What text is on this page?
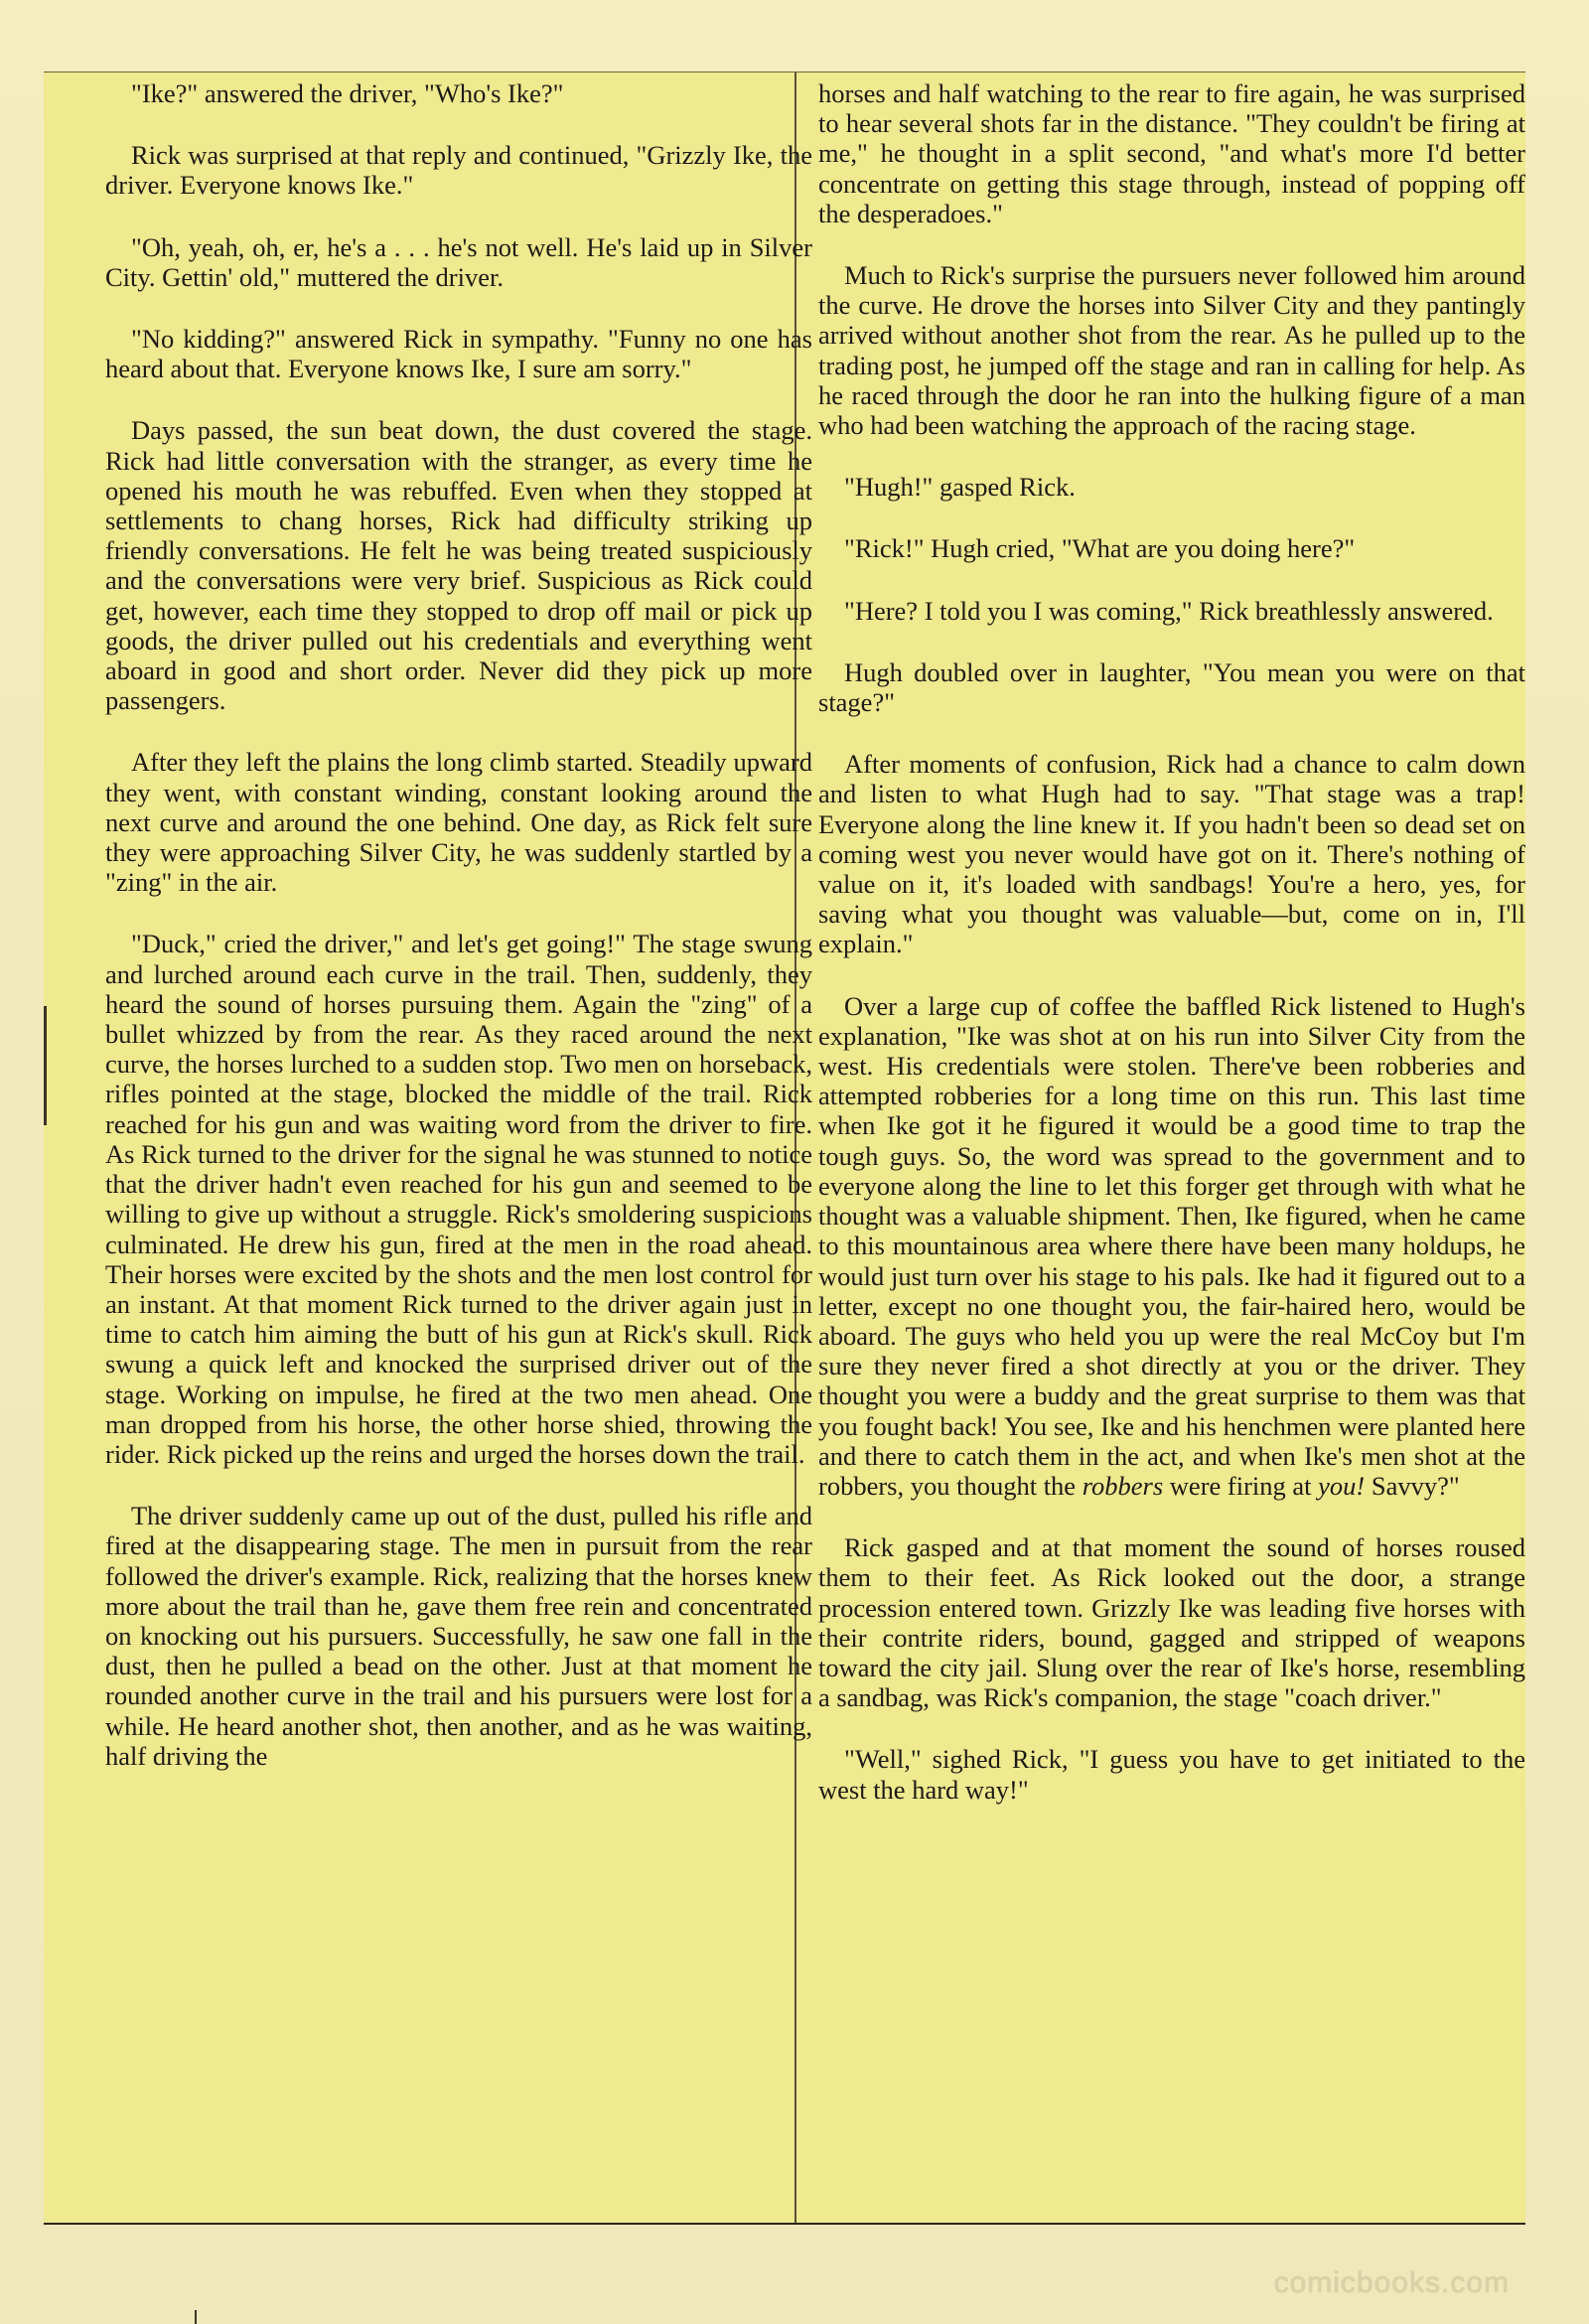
"Ike?" answered the driver, "Who's Ike?"

Rick was surprised at that reply and continued, "Grizzly Ike, the driver. Everyone knows Ike."

"Oh, yeah, oh, er, he's a . . . he's not well. He's laid up in Silver City. Gettin' old," muttered the driver.

"No kidding?" answered Rick in sympathy. "Funny no one has heard about that. Everyone knows Ike, I sure am sorry."

Days passed, the sun beat down, the dust covered the stage. Rick had little conversation with the stranger, as every time he opened his mouth he was rebuffed. Even when they stopped at settlements to chang horses, Rick had difficulty striking up friendly conversations. He felt he was being treated suspiciously and the conversations were very brief. Suspicious as Rick could get, however, each time they stopped to drop off mail or pick up goods, the driver pulled out his credentials and everything went aboard in good and short order. Never did they pick up more passengers.

After they left the plains the long climb started. Steadily upward they went, with constant winding, constant looking around the next curve and around the one behind. One day, as Rick felt sure they were approaching Silver City, he was suddenly startled by a "zing" in the air.

"Duck," cried the driver," and let's get going!" The stage swung and lurched around each curve in the trail. Then, suddenly, they heard the sound of horses pursuing them. Again the "zing" of a bullet whizzed by from the rear. As they raced around the next curve, the horses lurched to a sudden stop. Two men on horseback, rifles pointed at the stage, blocked the middle of the trail. Rick reached for his gun and was waiting word from the driver to fire. As Rick turned to the driver for the signal he was stunned to notice that the driver hadn't even reached for his gun and seemed to be willing to give up without a struggle. Rick's smoldering suspicions culminated. He drew his gun, fired at the men in the road ahead. Their horses were excited by the shots and the men lost control for an instant. At that moment Rick turned to the driver again just in time to catch him aiming the butt of his gun at Rick's skull. Rick swung a quick left and knocked the surprised driver out of the stage. Working on impulse, he fired at the two men ahead. One man dropped from his horse, the other horse shied, throwing the rider. Rick picked up the reins and urged the horses down the trail.

The driver suddenly came up out of the dust, pulled his rifle and fired at the disappearing stage. The men in pursuit from the rear followed the driver's example. Rick, realizing that the horses knew more about the trail than he, gave them free rein and concentrated on knocking out his pursuers. Successfully, he saw one fall in the dust, then he pulled a bead on the other. Just at that moment he rounded another curve in the trail and his pursuers were lost for a while. He heard another shot, then another, and as he was waiting, half driving the

horses and half watching to the rear to fire again, he was surprised to hear several shots far in the distance. "They couldn't be firing at me," he thought in a split second, "and what's more I'd better concentrate on getting this stage through, instead of popping off the desperadoes."

Much to Rick's surprise the pursuers never followed him around the curve. He drove the horses into Silver City and they pantingly arrived without another shot from the rear. As he pulled up to the trading post, he jumped off the stage and ran in calling for help. As he raced through the door he ran into the hulking figure of a man who had been watching the approach of the racing stage.

"Hugh!" gasped Rick.

"Rick!" Hugh cried, "What are you doing here?"

"Here? I told you I was coming," Rick breathlessly answered.

Hugh doubled over in laughter, "You mean you were on that stage?"

After moments of confusion, Rick had a chance to calm down and listen to what Hugh had to say. "That stage was a trap! Everyone along the line knew it. If you hadn't been so dead set on coming west you never would have got on it. There's nothing of value on it, it's loaded with sandbags! You're a hero, yes, for saving what you thought was valuable—but, come on in, I'll explain."

Over a large cup of coffee the baffled Rick listened to Hugh's explanation, "Ike was shot at on his run into Silver City from the west. His credentials were stolen. There've been robberies and attempted robberies for a long time on this run. This last time when Ike got it he figured it would be a good time to trap the tough guys. So, the word was spread to the government and to everyone along the line to let this forger get through with what he thought was a valuable shipment. Then, Ike figured, when he came to this mountainous area where there have been many holdups, he would just turn over his stage to his pals. Ike had it figured out to a letter, except no one thought you, the fair-haired hero, would be aboard. The guys who held you up were the real McCoy but I'm sure they never fired a shot directly at you or the driver. They thought you were a buddy and the great surprise to them was that you fought back! You see, Ike and his henchmen were planted here and there to catch them in the act, and when Ike's men shot at the robbers, you thought the robbers were firing at you! Savvy?"

Rick gasped and at that moment the sound of horses roused them to their feet. As Rick looked out the door, a strange procession entered town. Grizzly Ike was leading five horses with their contrite riders, bound, gagged and stripped of weapons toward the city jail. Slung over the rear of Ike's horse, resembling a sandbag, was Rick's companion, the stage "coach driver."

"Well," sighed Rick, "I guess you have to get initiated to the west the hard way!"

comicbooks.com
